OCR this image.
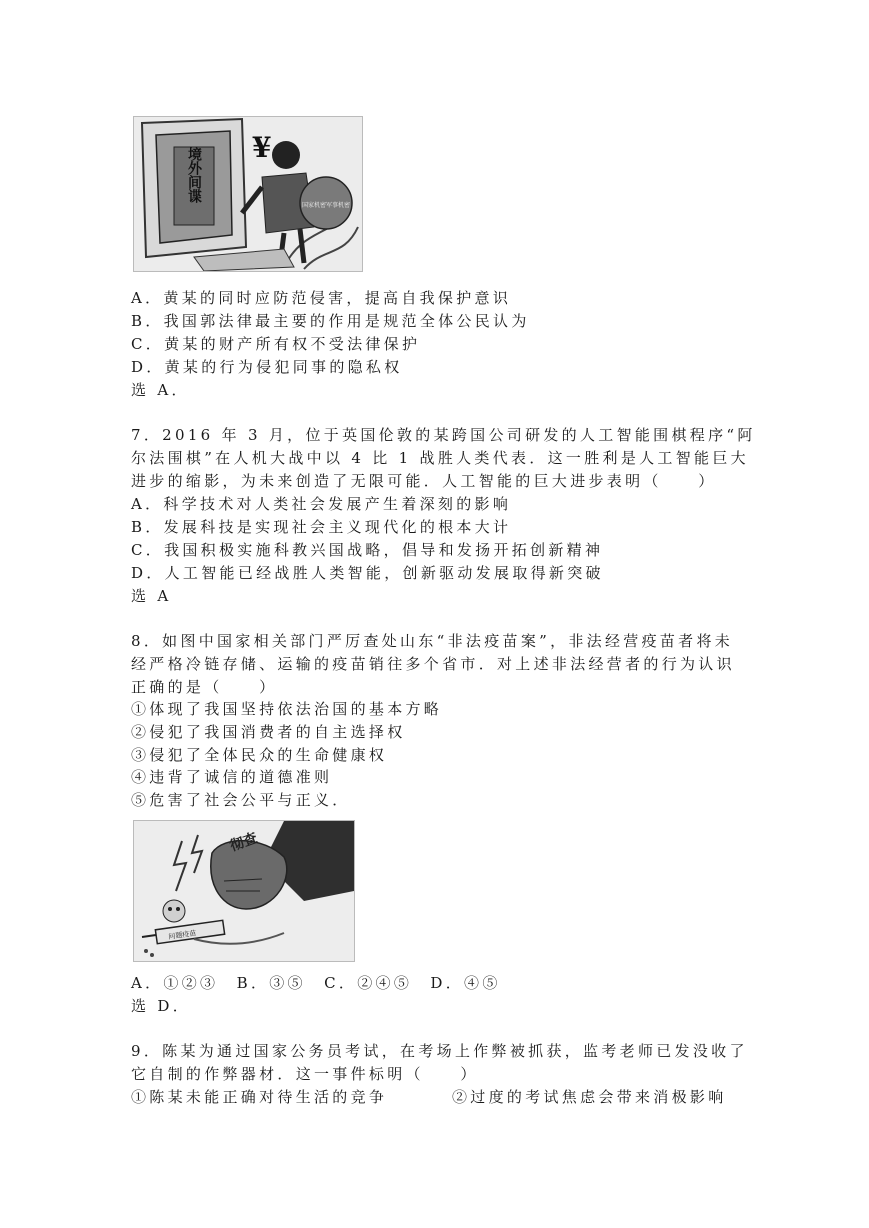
境外间谍 ¥
国家机密军事机密
A．黄某的同时应防范侵害，提高自我保护意识
B．我国郭法律最主要的作用是规范全体公民认为
C．黄某的财产所有权不受法律保护
D．黄某的行为侵犯同事的隐私权
选 A．
7．2016 年 3 月，位于英国伦敦的某跨国公司研发的人工智能围棋程序“阿
尔法围棋”在人机大战中以 4 比 1 战胜人类代表．这一胜利是人工智能巨大
进步的缩影，为未来创造了无限可能．人工智能的巨大进步表明（　　）
A．科学技术对人类社会发展产生着深刻的影响
B．发展科技是实现社会主义现代化的根本大计
C．我国积极实施科教兴国战略，倡导和发扬开拓创新精神
D．人工智能已经战胜人类智能，创新驱动发展取得新突破
选 A
8．如图中国家相关部门严厉查处山东“非法疫苗案”，非法经营疫苗者将未
经严格冷链存储、运输的疫苗销往多个省市．对上述非法经营者的行为认识
正确的是（　　）
①体现了我国坚持依法治国的基本方略
②侵犯了我国消费者的自主选择权
③侵犯了全体民众的生命健康权
④违背了诚信的道德准则
⑤危害了社会公平与正义．
彻查
问题疫苗
A．①②③　B．③⑤　C．②④⑤　D．④⑤
选 D．
9．陈某为通过国家公务员考试，在考场上作弊被抓获，监考老师已发没收了
它自制的作弊器材．这一事件标明（　　）
①陈某未能正确对待生活的竞争	②过度的考试焦虑会带来消极影响
